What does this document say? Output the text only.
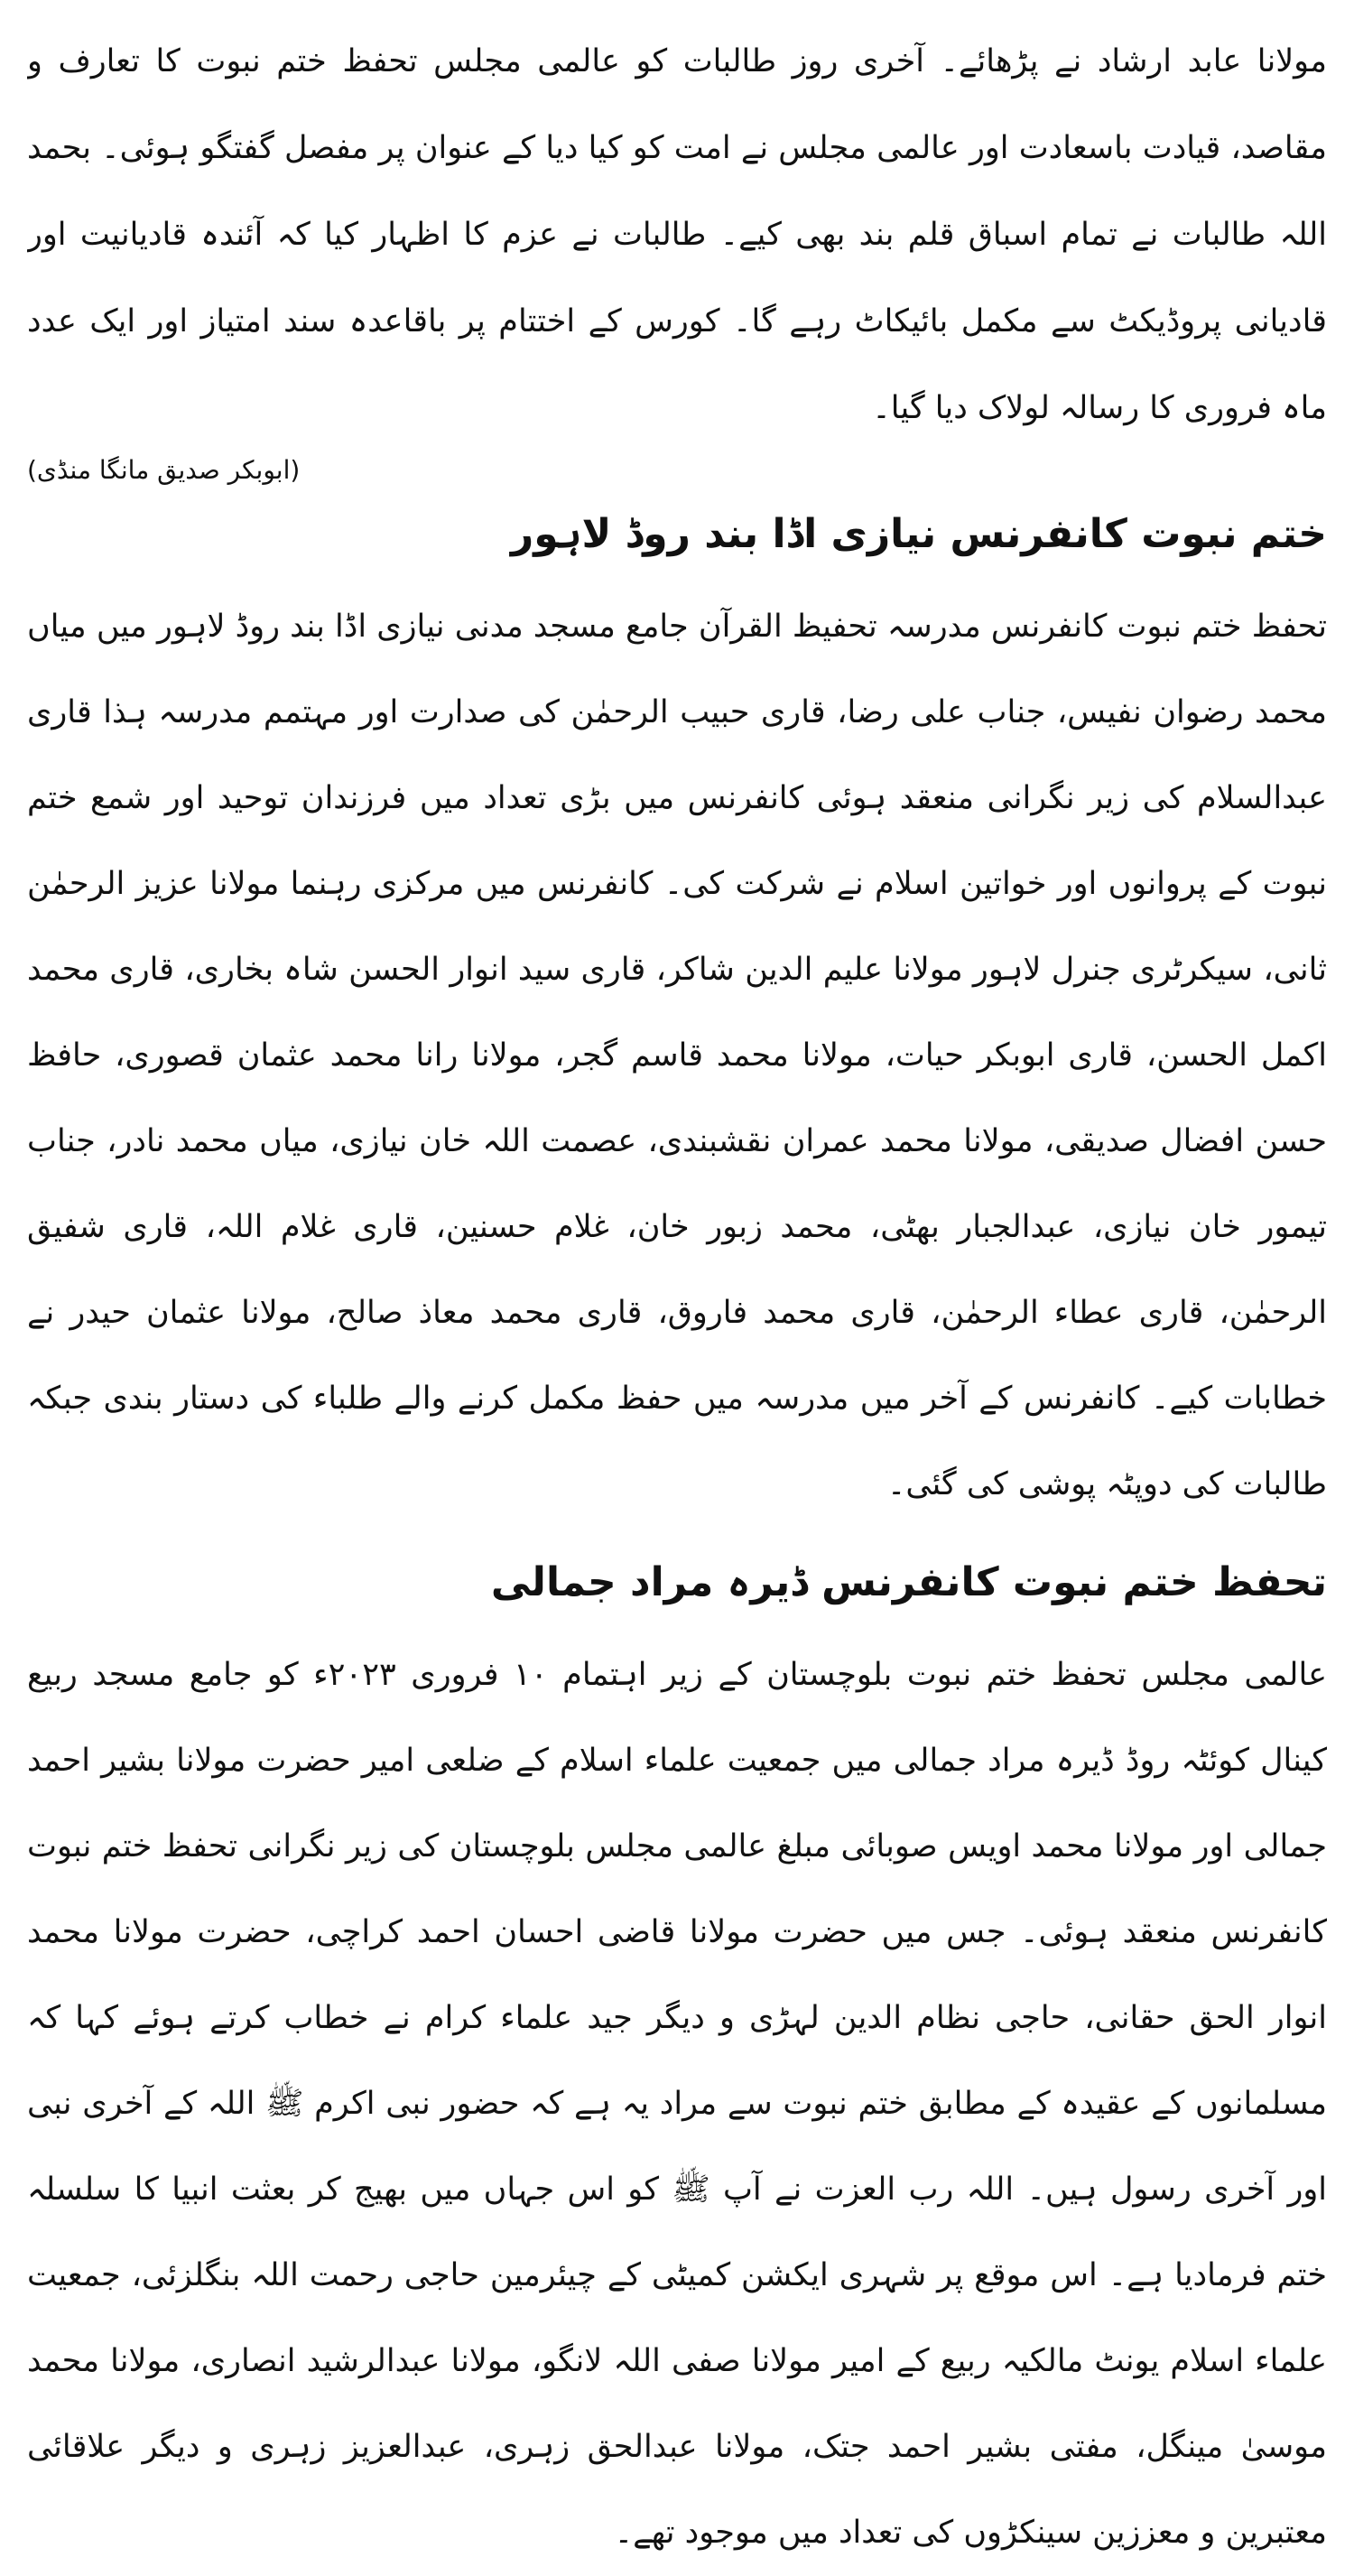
مولانا عابد ارشاد نے پڑھائے۔ آخری روز طالبات کو عالمی مجلس تحفظ ختم نبوت کا تعارف و مقاصد، قیادت باسعادت اور عالمی مجلس نے امت کو کیا دیا کے عنوان پر مفصل گفتگو ہوئی۔ بحمد اللہ طالبات نے تمام اسباق قلم بند بھی کیے۔ طالبات نے عزم کا اظہار کیا کہ آئندہ قادیانیت اور قادیانی پروڈیکٹ سے مکمل بائیکاٹ رہے گا۔ کورس کے اختتام پر باقاعدہ سند امتیاز اور ایک عدد ماہ فروری کا رسالہ لولاک دیا گیا۔

(ابوبکر صدیق مانگا منڈی)
ختم نبوت کانفرنس نیازی اڈا بند روڈ لاہور

تحفظ ختم نبوت کانفرنس مدرسہ تحفیظ القرآن جامع مسجد مدنی نیازی اڈا بند روڈ لاہور میں میاں محمد رضوان نفیس، جناب علی رضا، قاری حبیب الرحمٰن کی صدارت اور مہتمم مدرسہ ہذا قاری عبدالسلام کی زیر نگرانی منعقد ہوئی کانفرنس میں بڑی تعداد میں فرزندان توحید اور شمع ختم نبوت کے پروانوں اور خواتین اسلام نے شرکت کی۔ کانفرنس میں مرکزی رہنما مولانا عزیز الرحمٰن ثانی، سیکرٹری جنرل لاہور مولانا علیم الدین شاکر، قاری سید انوار الحسن شاہ بخاری، قاری محمد اکمل الحسن، قاری ابوبکر حیات، مولانا محمد قاسم گجر، مولانا رانا محمد عثمان قصوری، حافظ حسن افضال صدیقی، مولانا محمد عمران نقشبندی، عصمت اللہ خان نیازی، میاں محمد نادر، جناب تیمور خان نیازی، عبدالجبار بھٹی، محمد زبور خان، غلام حسنین، قاری غلام اللہ، قاری شفیق الرحمٰن، قاری عطاء الرحمٰن، قاری محمد فاروق، قاری محمد معاذ صالح، مولانا عثمان حیدر نے خطابات کیے۔ کانفرنس کے آخر میں مدرسہ میں حفظ مکمل کرنے والے طلباء کی دستار بندی جبکہ طالبات کی دوپٹہ پوشی کی گئی۔

تحفظ ختم نبوت کانفرنس ڈیرہ مراد جمالی

عالمی مجلس تحفظ ختم نبوت بلوچستان کے زیر اہتمام ۱۰ فروری ۲۰۲۳ء کو جامع مسجد ربیع کینال کوئٹہ روڈ ڈیرہ مراد جمالی میں جمعیت علماء اسلام کے ضلعی امیر حضرت مولانا بشیر احمد جمالی اور مولانا محمد اویس صوبائی مبلغ عالمی مجلس بلوچستان کی زیر نگرانی تحفظ ختم نبوت کانفرنس منعقد ہوئی۔ جس میں حضرت مولانا قاضی احسان احمد کراچی، حضرت مولانا محمد انوار الحق حقانی، حاجی نظام الدین لہڑی و دیگر جید علماء کرام نے خطاب کرتے ہوئے کہا کہ مسلمانوں کے عقیدہ کے مطابق ختم نبوت سے مراد یہ ہے کہ حضور نبی اکرم ﷺ اللہ کے آخری نبی اور آخری رسول ہیں۔ اللہ رب العزت نے آپ ﷺ کو اس جہاں میں بھیج کر بعثت انبیا کا سلسلہ ختم فرمادیا ہے۔ اس موقع پر شہری ایکشن کمیٹی کے چیئرمین حاجی رحمت اللہ بنگلزئی، جمعیت علماء اسلام یونٹ مالکیہ ربیع کے امیر مولانا صفی اللہ لانگو، مولانا عبدالرشید انصاری، مولانا محمد موسیٰ مینگل، مفتی بشیر احمد جتک، مولانا عبدالحق زہری، عبدالعزیز زہری و دیگر علاقائی معتبرین و معززین سینکڑوں کی تعداد میں موجود تھے۔
